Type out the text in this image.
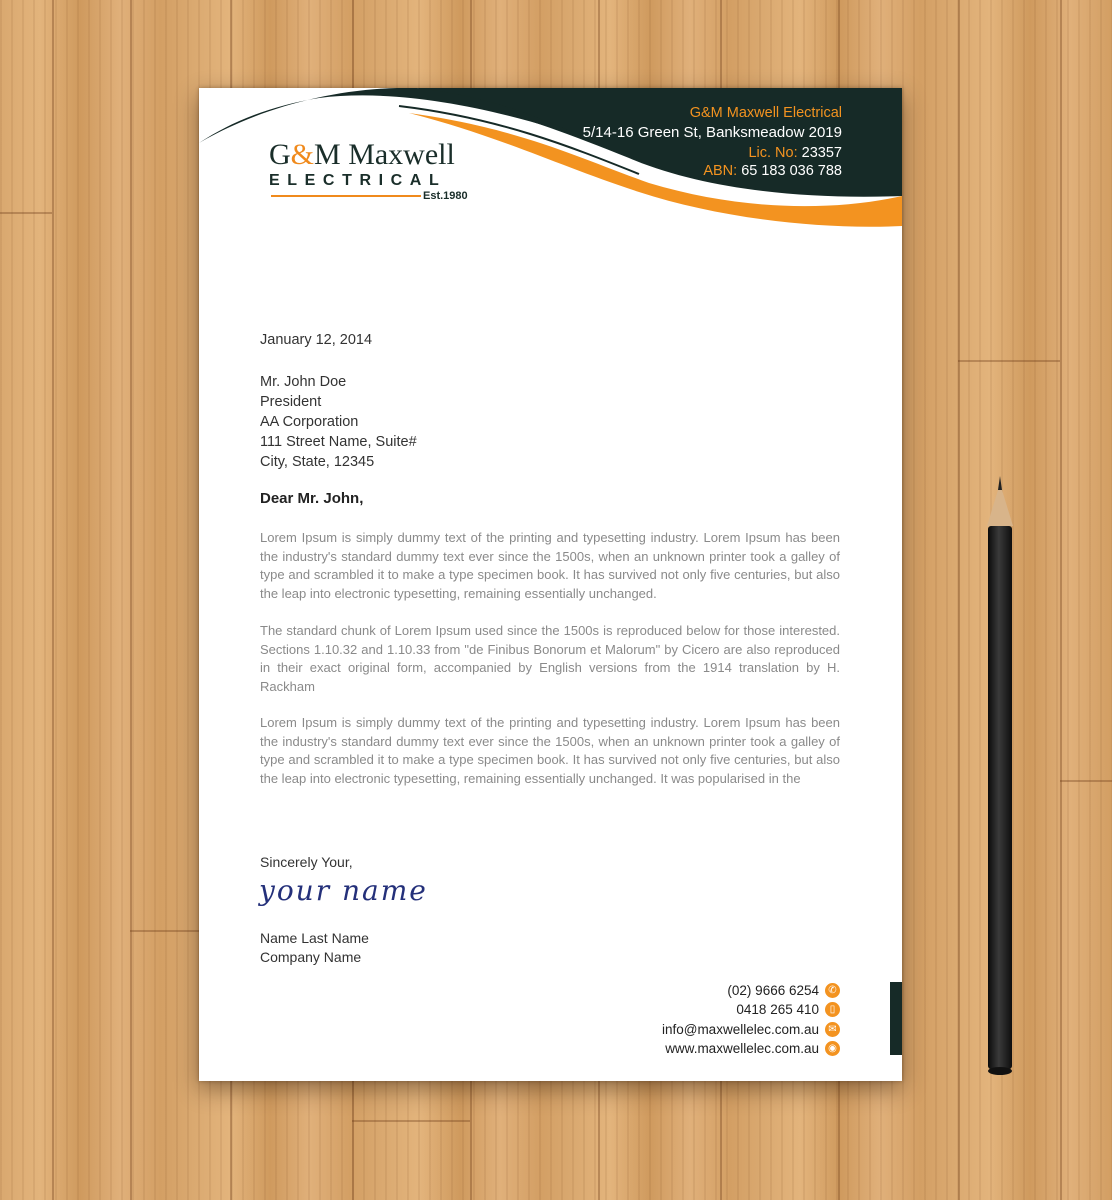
G&M Maxwell
ELECTRICAL
Est.1980
G&M Maxwell Electrical
5/14-16 Green St, Banksmeadow 2019
Lic. No: 23357
ABN: 65 183 036 788
January 12, 2014
Mr. John Doe
President
AA Corporation
111 Street Name, Suite#
City, State, 12345
Dear Mr. John,

Lorem Ipsum is simply dummy text of the printing and typesetting industry. Lorem Ipsum has been the industry's standard dummy text ever since the 1500s, when an unknown printer took a galley of type and scrambled it to make a type specimen book. It has survived not only five centuries, but also the leap into electronic typesetting, remaining essentially unchanged.

The standard chunk of Lorem Ipsum used since the 1500s is reproduced below for those interested. Sections 1.10.32 and 1.10.33 from "de Finibus Bonorum et Malorum" by Cicero are also reproduced in their exact original form, accompanied by English versions from the 1914 translation by H. Rackham

Lorem Ipsum is simply dummy text of the printing and typesetting industry. Lorem Ipsum has been the industry's standard dummy text ever since the 1500s, when an unknown printer took a galley of type and scrambled it to make a type specimen book. It has survived not only five centuries, but also the leap into electronic typesetting, remaining essentially unchanged. It was popularised in the

Sincerely Your,
your name
Name Last Name
Company Name
(02) 9666 6254 ✆
0418 265 410	▯
info@maxwellelec.com.au ✉
www.maxwellelec.com.au ◉
